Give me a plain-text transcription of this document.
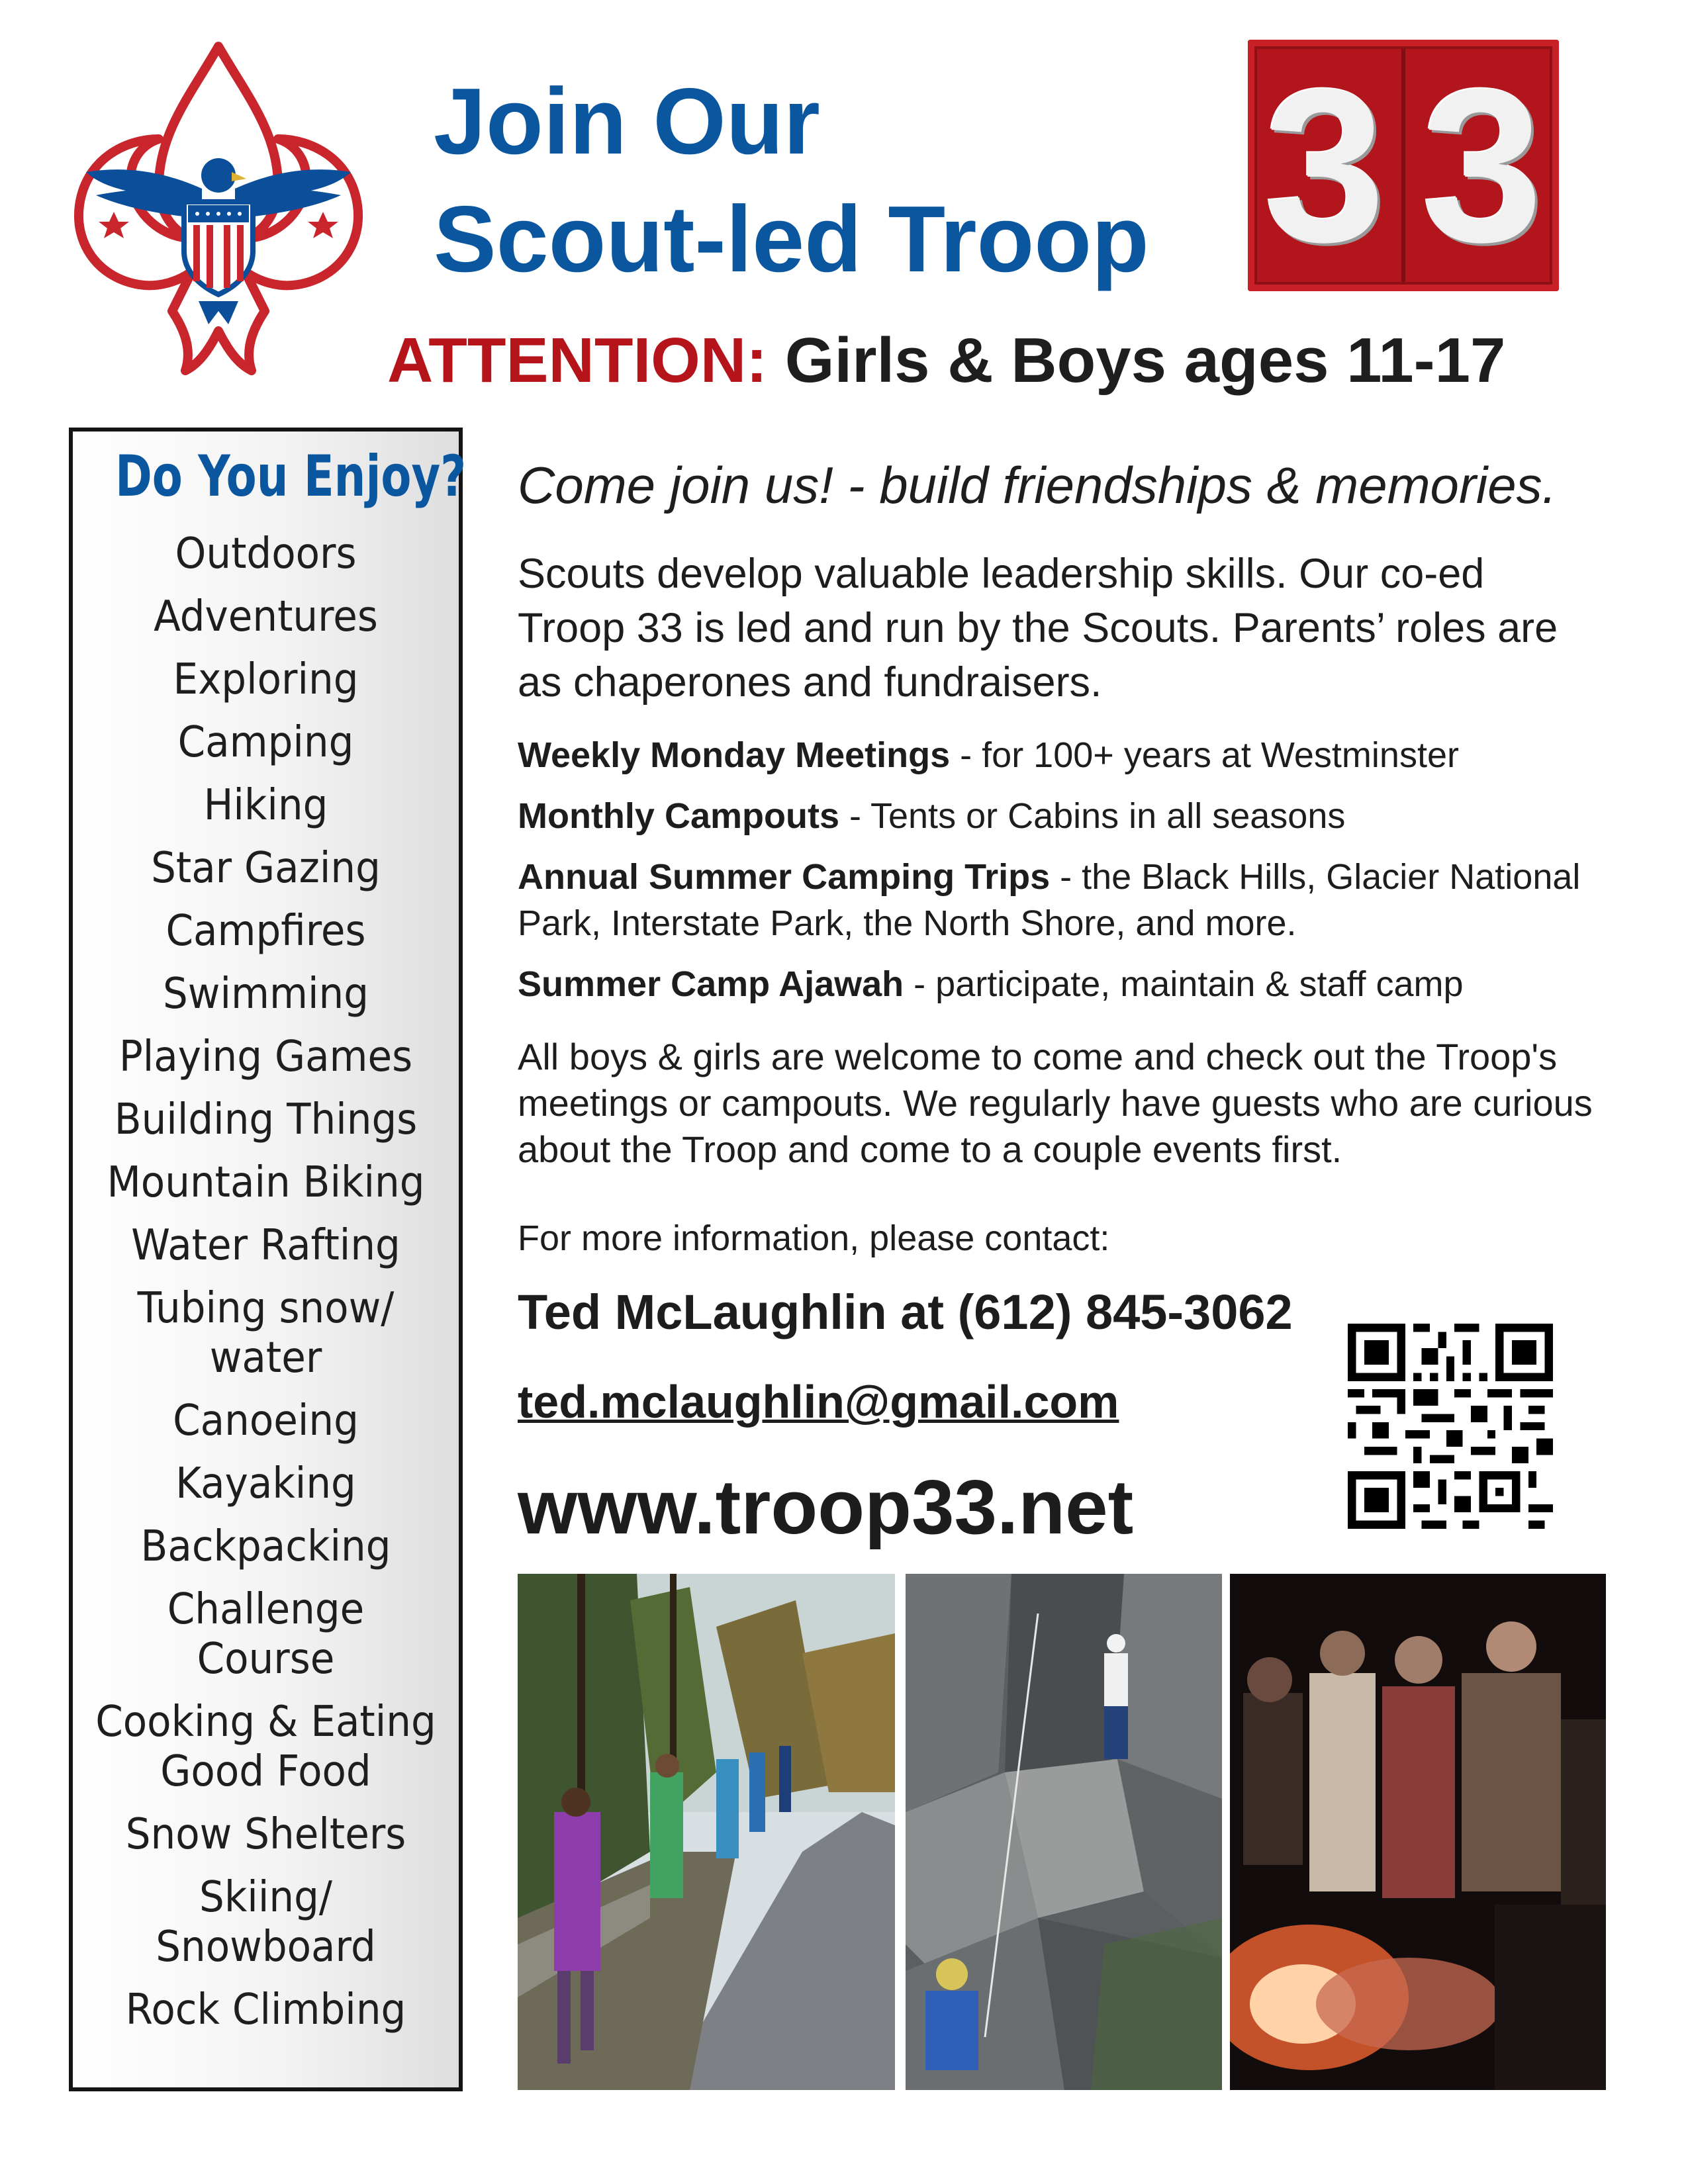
Join Our
Scout-led Troop 3 3
ATTENTION: Girls & Boys ages 11-17
Do You Enjoy?
Outdoors
Adventures
Exploring
Camping
Hiking
Star Gazing
Campfires
Swimming
Playing Games
Building Things
Mountain Biking
Water Rafting
Tubing snow/
water
Canoeing
Kayaking
Backpacking
Challenge
Course
Cooking & Eating
Good Food
Snow Shelters
Skiing/
Snowboard
Rock Climbing
Come join us! - build friendships & memories.
Scouts develop valuable leadership skills. Our co-ed Troop 33 is led and run by the Scouts. Parents’ roles are as chaperones and fundraisers.
Weekly Monday Meetings - for 100+ years at Westminster
Monthly Campouts - Tents or Cabins in all seasons
Annual Summer Camping Trips - the Black Hills, Glacier National Park, Interstate Park, the North Shore, and more.
Summer Camp Ajawah - participate, maintain & staff camp
All boys & girls are welcome to come and check out the Troop's meetings or campouts. We regularly have guests who are curious about the Troop and come to a couple events first.
For more information, please contact:
Ted McLaughlin at (612) 845-3062
ted.mclaughlin@gmail.com
www.troop33.net
